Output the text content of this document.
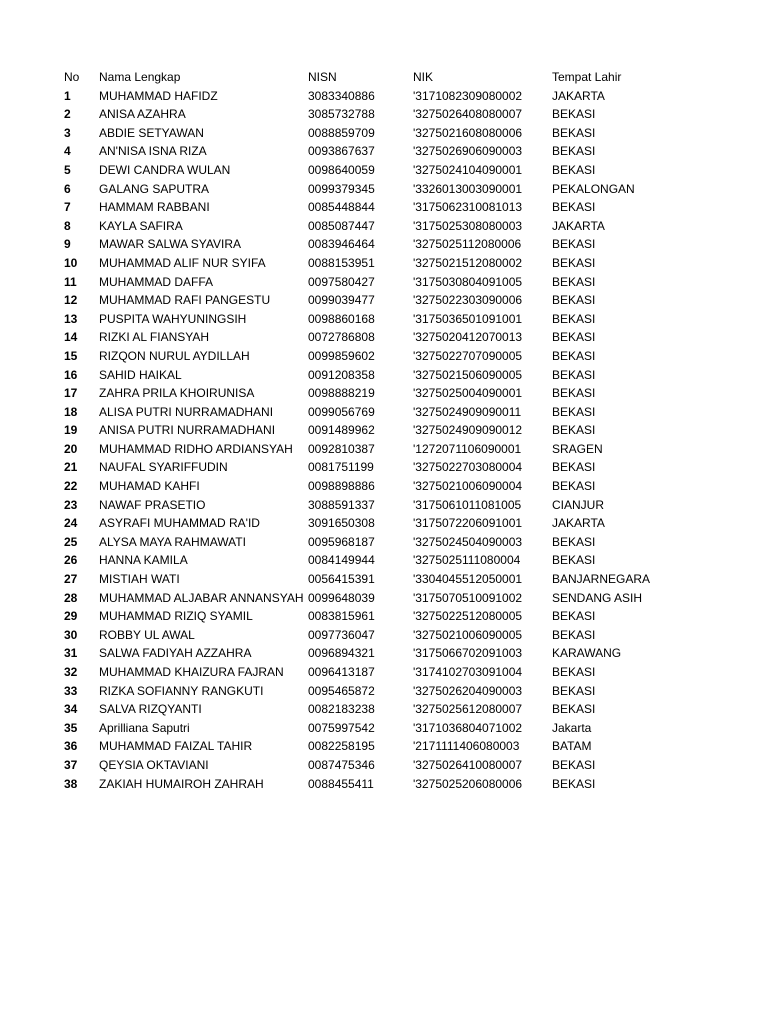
No	Nama Lengkap	NISN	NIK	Tempat Lahir
1	MUHAMMAD HAFIDZ	3083340886	'3171082309080002	JAKARTA
2	ANISA AZAHRA	3085732788	'3275026408080007	BEKASI
3	ABDIE SETYAWAN	0088859709	'3275021608080006	BEKASI
4	AN'NISA ISNA RIZA	0093867637	'3275026906090003	BEKASI
5	DEWI CANDRA WULAN	0098640059	'3275024104090001	BEKASI
6	GALANG SAPUTRA	0099379345	'3326013003090001	PEKALONGAN
7	HAMMAM RABBANI	0085448844	'3175062310081013	BEKASI
8	KAYLA SAFIRA	0085087447	'3175025308080003	JAKARTA
9	MAWAR SALWA SYAVIRA	0083946464	'3275025112080006	BEKASI
10	MUHAMMAD ALIF NUR SYIFA	0088153951	'3275021512080002	BEKASI
11	MUHAMMAD DAFFA	0097580427	'3175030804091005	BEKASI
12	MUHAMMAD RAFI PANGESTU	0099039477	'3275022303090006	BEKASI
13	PUSPITA WAHYUNINGSIH	0098860168	'3175036501091001	BEKASI
14	RIZKI AL FIANSYAH	0072786808	'3275020412070013	BEKASI
15	RIZQON NURUL AYDILLAH	0099859602	'3275022707090005	BEKASI
16	SAHID HAIKAL	0091208358	'3275021506090005	BEKASI
17	ZAHRA PRILA KHOIRUNISA	0098888219	'3275025004090001	BEKASI
18	ALISA PUTRI NURRAMADHANI	0099056769	'3275024909090011	BEKASI
19	ANISA PUTRI NURRAMADHANI	0091489962	'3275024909090012	BEKASI
20	MUHAMMAD RIDHO ARDIANSYAH	0092810387	'1272071106090001	SRAGEN
21	NAUFAL SYARIFFUDIN	0081751199	'3275022703080004	BEKASI
22	MUHAMAD KAHFI	0098898886	'3275021006090004	BEKASI
23	NAWAF PRASETIO	3088591337	'3175061011081005	CIANJUR
24	ASYRAFI MUHAMMAD RA'ID	3091650308	'3175072206091001	JAKARTA
25	ALYSA MAYA RAHMAWATI	0095968187	'3275024504090003	BEKASI
26	HANNA KAMILA	0084149944	'3275025111080004	BEKASI
27	MISTIAH WATI	0056415391	'3304045512050001	BANJARNEGARA
28	MUHAMMAD ALJABAR ANNANSYAH 0099648039	'3175070510091002	SENDANG ASIH
29	MUHAMMAD RIZIQ SYAMIL	0083815961	'3275022512080005	BEKASI
30	ROBBY UL AWAL	0097736047	'3275021006090005	BEKASI
31	SALWA FADIYAH AZZAHRA	0096894321	'3175066702091003	KARAWANG
32	MUHAMMAD KHAIZURA FAJRAN	0096413187	'3174102703091004	BEKASI
33	RIZKA SOFIANNY RANGKUTI	0095465872	'3275026204090003	BEKASI
34	SALVA RIZQYANTI	0082183238	'3275025612080007	BEKASI
35	Aprilliana Saputri	0075997542	'3171036804071002	Jakarta
36	MUHAMMAD FAIZAL TAHIR	0082258195	'2171111406080003	BATAM
37	QEYSIA OKTAVIANI	0087475346	'3275026410080007	BEKASI
38	ZAKIAH HUMAIROH ZAHRAH	0088455411	'3275025206080006	BEKASI
